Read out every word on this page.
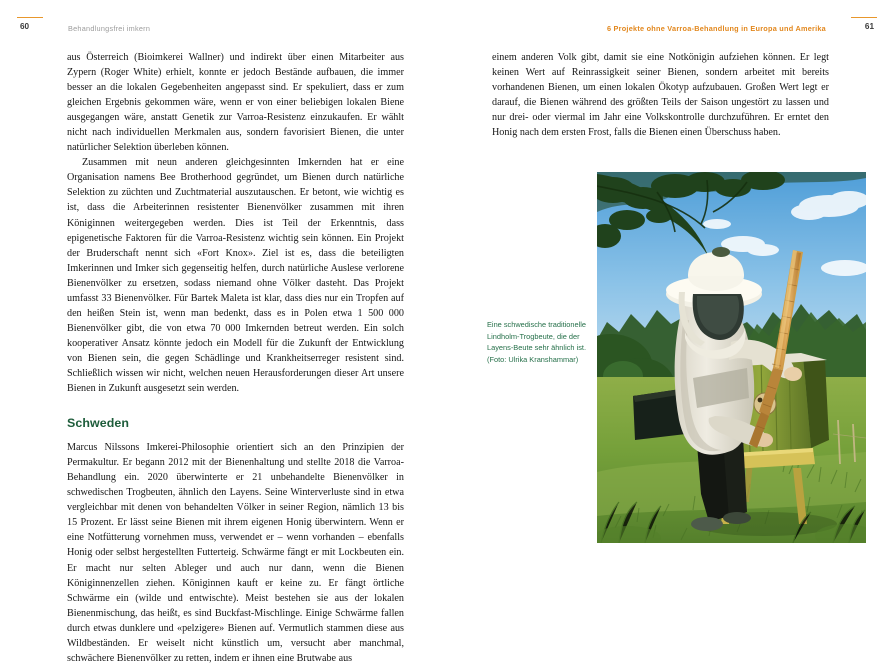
60	Behandlungsfrei imkern	61
6 Projekte ohne Varroa-Behandlung in Europa und Amerika

aus Österreich (Bioimkerei Wallner) und indirekt über einen Mitarbeiter aus Zypern (Roger White) erhielt, konnte er jedoch Bestände aufbauen, die immer besser an die lokalen Gegebenheiten angepasst sind. Er spekuliert, dass er zum gleichen Ergebnis gekommen wäre, wenn er von einer beliebigen lokalen Biene ausgegangen wäre, anstatt Genetik zur Varroa-Resistenz einzukaufen. Er wählt nicht nach individuellen Merkmalen aus, sondern favorisiert Bienen, die unter natürlicher Selektion überleben können.

Zusammen mit neun anderen gleichgesinnten Imkernden hat er eine Organisation namens Bee Brotherhood gegründet, um Bienen durch natürliche Selektion zu züchten und Zuchtmaterial auszutauschen. Er betont, wie wichtig es ist, dass die Arbeiterinnen resistenter Bienenvölker zusammen mit ihren Königinnen weitergegeben werden. Dies ist Teil der Erkenntnis, dass epigenetische Faktoren für die Varroa-Resistenz wichtig sein können. Ein Projekt der Bruderschaft nennt sich «Fort Knox». Ziel ist es, dass die beteiligten Imkerinnen und Imker sich gegenseitig helfen, durch natürliche Auslese verlorene Bienenvölker zu ersetzen, sodass niemand ohne Völker dasteht. Das Projekt umfasst 33 Bienenvölker. Für Bartek Maleta ist klar, dass dies nur ein Tropfen auf den heißen Stein ist, wenn man bedenkt, dass es in Polen etwa 1 500 000 Bienenvölker gibt, die von etwa 70 000 Imkernden betreut werden. Ein solch kooperativer Ansatz könnte jedoch ein Modell für die Zukunft der Entwicklung von Bienen sein, die gegen Schädlinge und Krankheitserreger resistent sind. Schließlich wissen wir nicht, welchen neuen Herausforderungen dieser Art unsere Bienen in Zukunft ausgesetzt sein werden.

Schweden

Marcus Nilssons Imkerei-Philosophie orientiert sich an den Prinzipien der Permakultur. Er begann 2012 mit der Bienenhaltung und stellte 2018 die Varroa-Behandlung ein. 2020 überwinterte er 21 unbehandelte Bienenvölker in schwedischen Trogbeuten, ähnlich den Layens. Seine Winterverluste sind in etwa vergleichbar mit denen von behandelten Völker in seiner Region, nämlich 13 bis 15 Prozent. Er lässt seine Bienen mit ihrem eigenen Honig überwintern. Wenn er eine Notfütterung vornehmen muss, verwendet er – wenn vorhanden – ebenfalls Honig oder selbst hergestellten Futterteig. Schwärme fängt er mit Lockbeuten ein. Er macht nur selten Ableger und auch nur dann, wenn die Bienen Königinnenzellen ziehen. Königinnen kauft er keine zu. Er fängt örtliche Schwärme ein (wilde und entwischte). Meist bestehen sie aus der lokalen Bienenmischung, das heißt, es sind Buckfast-Mischlinge. Einige Schwärme fallen durch etwas dunklere und «pelzigere» Bienen auf. Vermutlich stammen diese aus Wildbeständen. Er weiselt nicht künstlich um, versucht aber manchmal, schwächere Bienenvölker zu retten, indem er ihnen eine Brutwabe aus

einem anderen Volk gibt, damit sie eine Notkönigin aufziehen können. Er legt keinen Wert auf Reinrassigkeit seiner Bienen, sondern arbeitet mit bereits vorhandenen Bienen, um einen lokalen Ökotyp aufzubauen. Großen Wert legt er darauf, die Bienen während des größten Teils der Saison ungestört zu lassen und nur drei- oder viermal im Jahr eine Volkskontrolle durchzuführen. Er erntet den Honig nach dem ersten Frost, falls die Bienen einen Überschuss haben.

Eine schwedische traditionelle Lindholm-Trogbeute, die der Layens-Beute sehr ähnlich ist. (Foto: Ulrika Kranshammar)
